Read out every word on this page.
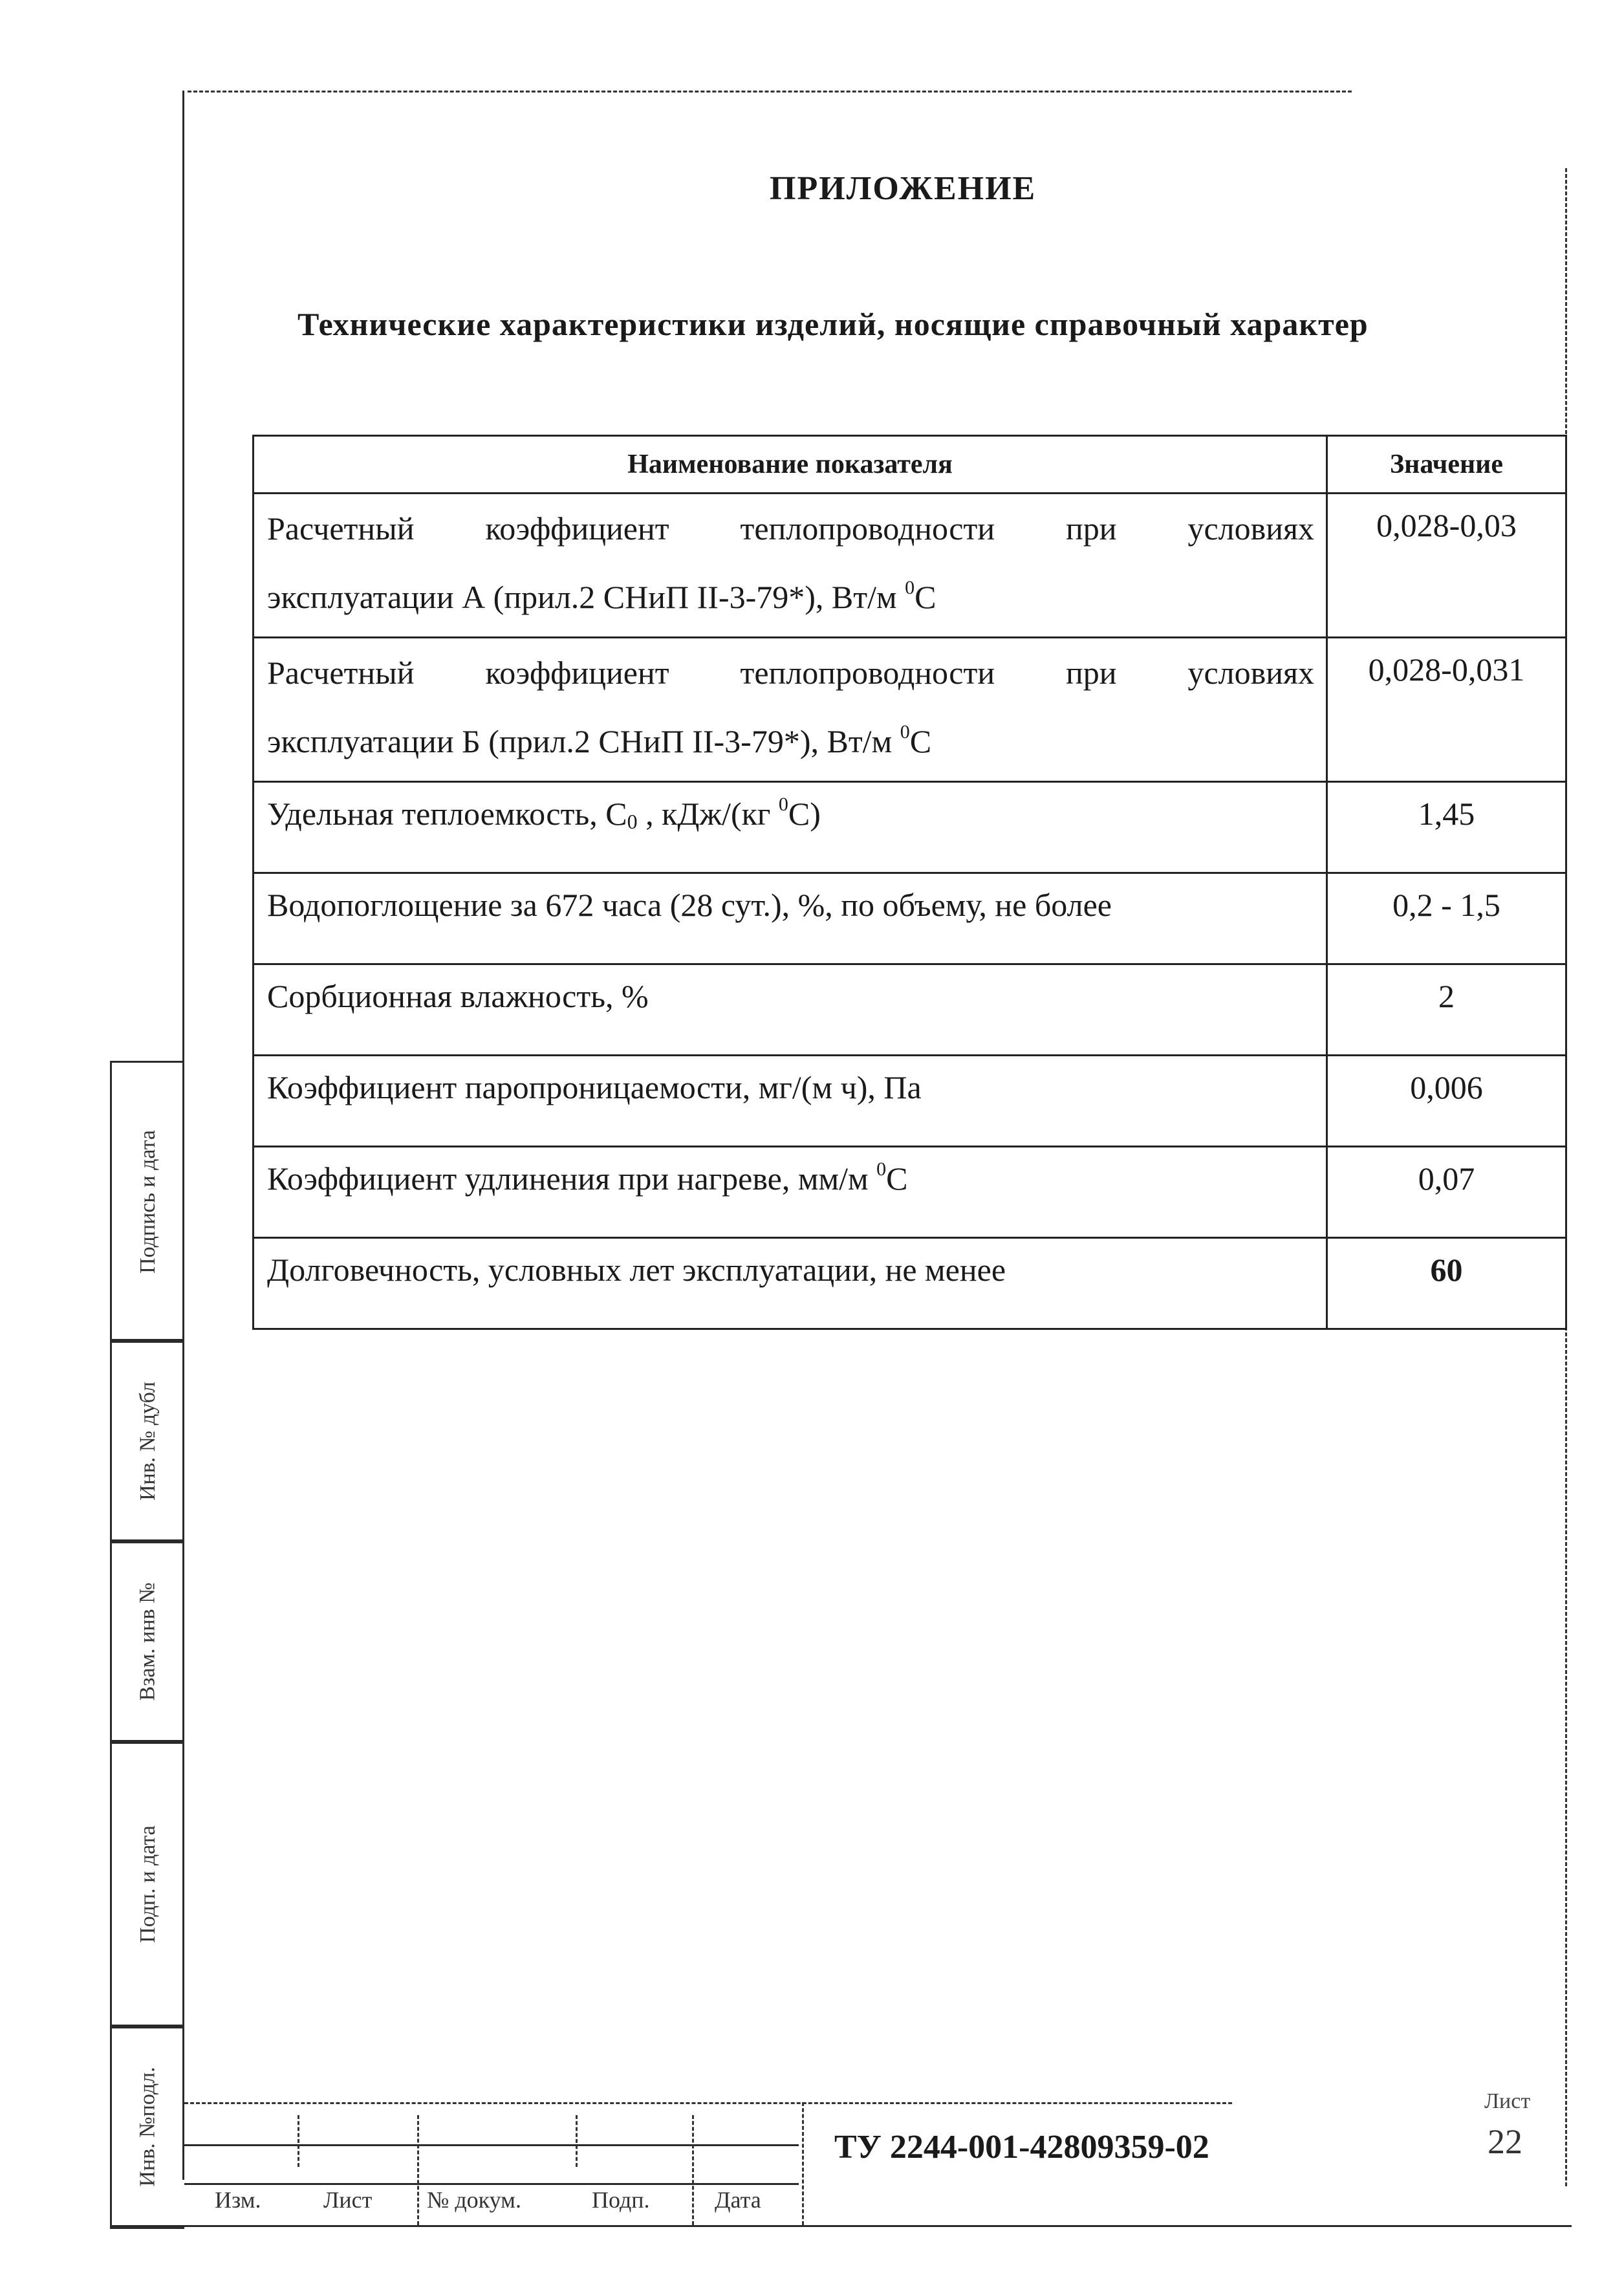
ПРИЛОЖЕНИЕ
Технические характеристики изделий, носящие справочный характер
Наименование показателя	Значение

Расчетный коэффициент теплопроводности при условиях
эксплуатации А (прил.2 СНиП II-3-79*), Вт/м $^0$С	0,028-0,03

Расчетный коэффициент теплопроводности при условиях
эксплуатации Б (прил.2 СНиП II-3-79*), Вт/м $^0$С	0,028-0,031
Удельная теплоемкость, $С_0$ , кДж/(кг $^0$С)	1,45
Водопоглощение за 672 часа (28 сут.), %, по объему, не более	0,2 - 1,5
Сорбционная влажность, %	2
Коэффициент паропроницаемости, мг/(м ч), Па	0,006
Коэффициент удлинения при нагреве, мм/м $^0$С	0,07
Долговечность, условных лет эксплуатации, не менее	60
Подпись и дата
Инв. № дубл
Взам. инв №
Подп. и дата
Инв. №подл.
Изм.	Лист № докум.	Подп.	Дата
ТУ 2244-001-42809359-02
Лист
22
